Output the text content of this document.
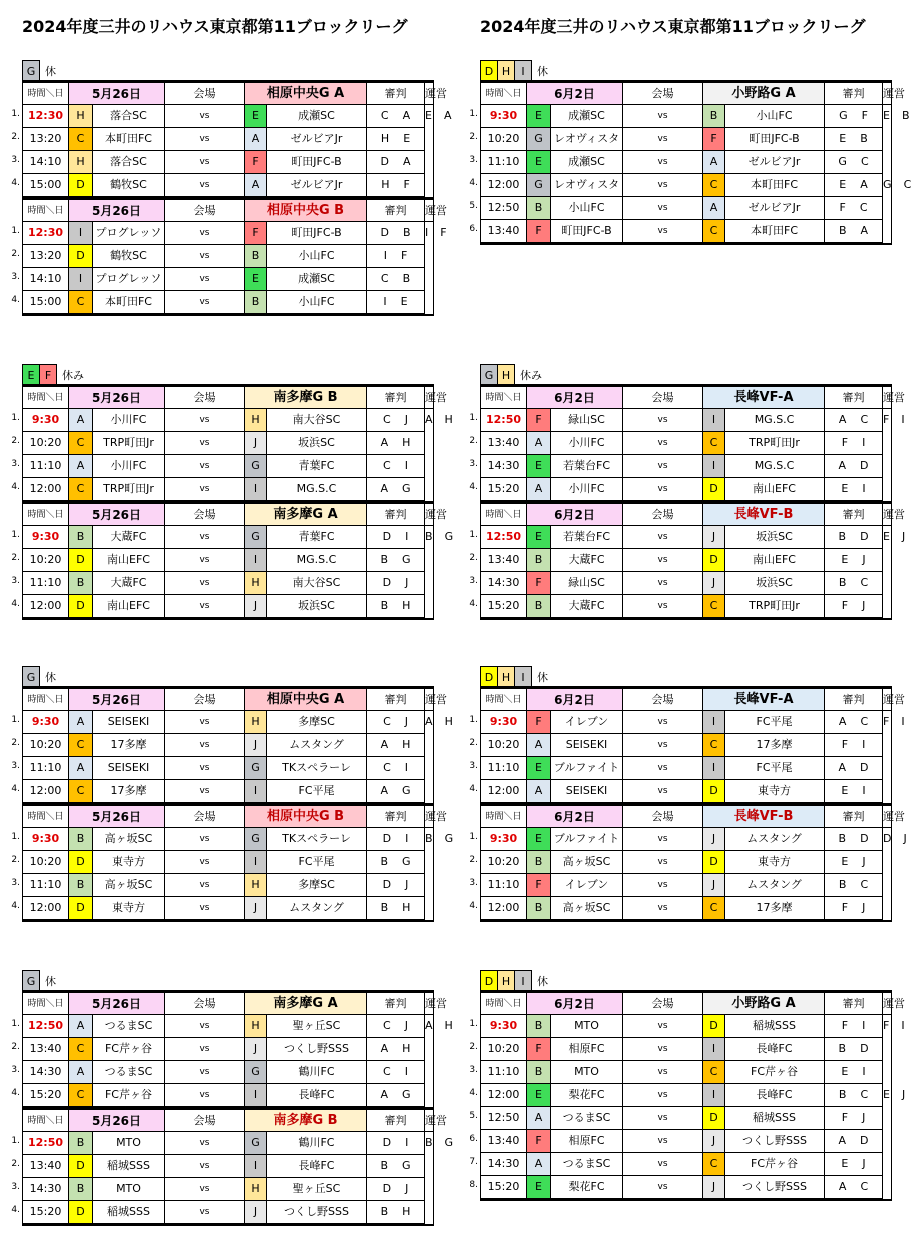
2024年度三井のリハウス東京都第11ブロックリーグ	2024年度三井のリハウス東京都第11ブロックリーグ
G 休
1.
2.
3.
4.
時間＼日	5月26日		会場	相原中央G A		審判	運営
12:30	H	落合SC	vs	E	成瀬SC	C A	E A
13:20	C	本町田FC	vs	A	ゼルビアJr	H E	
14:10	H	落合SC	vs	F	町田JFC-B	D A	
15:00	D	鶴牧SC	vs	A	ゼルビアJr	H F	
1.
2.
3.
4.
時間＼日	5月26日		会場	相原中央G B		審判	運営
12:30	I	プログレッソ	vs	F	町田JFC-B	D B	I F
13:20	D	鶴牧SC	vs	B	小山FC	I F	
14:10	I	プログレッソ	vs	E	成瀬SC	C B	
15:00	C	本町田FC	vs	B	小山FC	I E	
D H	I	休
1.
2.
3.
4.
5.
6.
時間＼日	6月2日		会場	小野路G A		審判	運営
9:30	E	成瀬SC	vs	B	小山FC	G F	E B
10:20	G	レオヴィスタ	vs	F	町田JFC-B	E B	
11:10	E	成瀬SC	vs	A	ゼルビアJr	G C	
12:00	G	レオヴィスタ	vs	C	本町田FC	E A	G C
12:50	B	小山FC	vs	A	ゼルビアJr	F C	
13:40	F	町田JFC-B	vs	C	本町田FC	B A	
E F 休み
1.
2.
3.
4.
時間＼日	5月26日		会場	南多摩G B		審判	運営
9:30	A	小川FC	vs	H	南大谷SC	C J	A H
10:20	C	TRP町田Jr	vs	J	坂浜SC	A H	
11:10	A	小川FC	vs	G	青葉FC	C I	
12:00	C	TRP町田Jr	vs	I	MG.S.C	A G	
1.
2.
3.
4.
時間＼日	5月26日		会場	南多摩G A		審判	運営
9:30	B	大蔵FC	vs	G	青葉FC	D I	B G
10:20	D	南山EFC	vs	I	MG.S.C	B G	
11:10	B	大蔵FC	vs	H	南大谷SC	D J	
12:00	D	南山EFC	vs	J	坂浜SC	B H	
G H 休み
1.
2.
3.
4.
時間＼日	6月2日		会場	長峰VF-A		審判	運営
12:50	F	緑山SC	vs	I	MG.S.C	A C	F I
13:40	A	小川FC	vs	C	TRP町田Jr	F I	
14:30	E	若葉台FC	vs	I	MG.S.C	A D	
15:20	A	小川FC	vs	D	南山EFC	E I	
1.
2.
3.
4.
時間＼日	6月2日		会場	長峰VF-B		審判	運営
12:50	E	若葉台FC	vs	J	坂浜SC	B D	E J
13:40	B	大蔵FC	vs	D	南山EFC	E J	
14:30	F	緑山SC	vs	J	坂浜SC	B C	
15:20	B	大蔵FC	vs	C	TRP町田Jr	F J	
G 休
1.
2.
3.
4.
時間＼日	5月26日		会場	相原中央G A		審判	運営
9:30	A	SEISEKI	vs	H	多摩SC	C J	A H
10:20	C	17多摩	vs	J	ムスタング	A H	
11:10	A	SEISEKI	vs	G	TKスペラーレ	C I	
12:00	C	17多摩	vs	I	FC平尾	A G	
1.
2.
3.
4.
時間＼日	5月26日		会場	相原中央G B		審判	運営
9:30	B	高ヶ坂SC	vs	G	TKスペラーレ	D I	B G
10:20	D	東寺方	vs	I	FC平尾	B G	
11:10	B	高ヶ坂SC	vs	H	多摩SC	D J	
12:00	D	東寺方	vs	J	ムスタング	B H	
D H	I	休
1.
2.
3.
4.
時間＼日	6月2日		会場	長峰VF-A		審判	運営
9:30	F	イレブン	vs	I	FC平尾	A C	F I
10:20	A	SEISEKI	vs	C	17多摩	F I	
11:10	E	ブルファイト	vs	I	FC平尾	A D	
12:00	A	SEISEKI	vs	D	東寺方	E I	
1.
2.
3.
4.
時間＼日	6月2日		会場	長峰VF-B		審判	運営
9:30	E	ブルファイト	vs	J	ムスタング	B D	D J
10:20	B	高ヶ坂SC	vs	D	東寺方	E J	
11:10	F	イレブン	vs	J	ムスタング	B C	
12:00	B	高ヶ坂SC	vs	C	17多摩	F J	
G 休
1.
2.
3.
4.
時間＼日	5月26日		会場	南多摩G A		審判	運営
12:50	A	つるまSC	vs	H	聖ヶ丘SC	C J	A H
13:40	C	FC芹ヶ谷	vs	J	つくし野SSS	A H	
14:30	A	つるまSC	vs	G	鶴川FC	C I	
15:20	C	FC芹ヶ谷	vs	I	長峰FC	A G	
1.
2.
3.
4.
時間＼日	5月26日		会場	南多摩G B		審判	運営
12:50	B	MTO	vs	G	鶴川FC	D I	B G
13:40	D	稲城SSS	vs	I	長峰FC	B G	
14:30	B	MTO	vs	H	聖ヶ丘SC	D J	
15:20	D	稲城SSS	vs	J	つくし野SSS	B H	
D H	I	休
1.
2.
3.
4.
5.
6.
7.
8.
時間＼日	6月2日		会場	小野路G A		審判	運営
9:30	B	MTO	vs	D	稲城SSS	F I	F I
10:20	F	相原FC	vs	I	長峰FC	B D	
11:10	B	MTO	vs	C	FC芹ヶ谷	E I	
12:00	E	梨花FC	vs	I	長峰FC	B C	E J
12:50	A	つるまSC	vs	D	稲城SSS	F J	
13:40	F	相原FC	vs	J	つくし野SSS	A D	
14:30	A	つるまSC	vs	C	FC芹ヶ谷	E J	
15:20	E	梨花FC	vs	J	つくし野SSS	A C	
